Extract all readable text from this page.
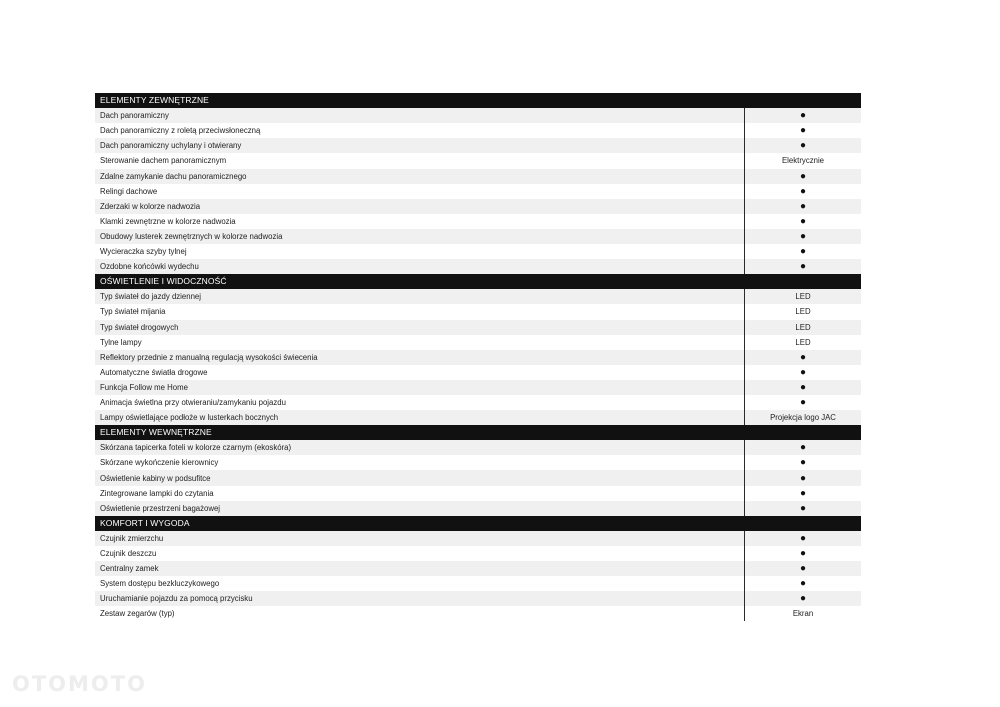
ELEMENTY ZEWNĘTRZNE
Dach panoramiczny	●
Dach panoramiczny z roletą przeciwsłoneczną	●
Dach panoramiczny uchylany i otwierany	●
Sterowanie dachem panoramicznym	Elektrycznie
Zdalne zamykanie dachu panoramicznego	●
Relingi dachowe	●
Zderzaki w kolorze nadwozia	●
Klamki zewnętrzne w kolorze nadwozia	●
Obudowy lusterek zewnętrznych w kolorze nadwozia	●
Wycieraczka szyby tylnej	●
Ozdobne końcówki wydechu	●
OŚWIETLENIE I WIDOCZNOŚĆ
Typ świateł do jazdy dziennej	LED
Typ świateł mijania	LED
Typ świateł drogowych	LED
Tylne lampy	LED
Reflektory przednie z manualną regulacją wysokości świecenia	●
Automatyczne światła drogowe	●
Funkcja Follow me Home	●
Animacja świetlna przy otwieraniu/zamykaniu pojazdu	●
Lampy oświetlające podłoże w lusterkach bocznych	Projekcja logo JAC
ELEMENTY WEWNĘTRZNE
Skórzana tapicerka foteli w kolorze czarnym (ekoskóra)	●
Skórzane wykończenie kierownicy	●
Oświetlenie kabiny w podsufitce	●
Zintegrowane lampki do czytania	●
Oświetlenie przestrzeni bagażowej	●
KOMFORT I WYGODA
Czujnik zmierzchu	●
Czujnik deszczu	●
Centralny zamek	●
System dostępu bezkluczykowego	●
Uruchamianie pojazdu za pomocą przycisku	●
Zestaw zegarów (typ)	Ekran
OTOMOTO
